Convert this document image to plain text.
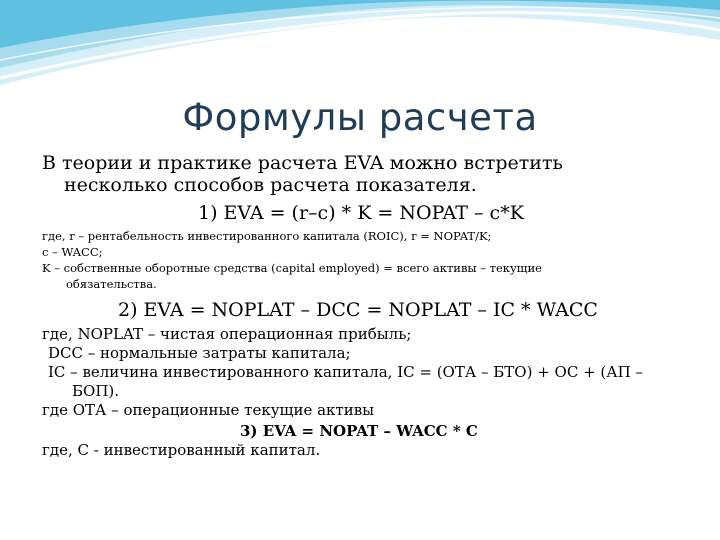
Формулы расчета

В теории и практике расчета EVA можно встретить
несколько способов расчета показателя.

1) EVA = (r–c) * K = NOPAT – c*K

где, r – рентабельность инвестированного капитала (ROIC), r = NOPAT/K;

c – WACC;

K – собственные оборотные средства (capital employed) = всего активы – текущие
обязательства.

2) EVA = NOPLAT – DCC = NOPLAT – IC * WACC

где, NOPLAT – чистая операционная прибыль;

DCC – нормальные затраты капитала;

IC – величина инвестированного капитала, IC = (ОТА – БТО) + ОС + (АП –
БОП).

где ОТА – операционные текущие активы

3) EVA = NOPAT – WACC * C

где, С - инвестированный капитал.
